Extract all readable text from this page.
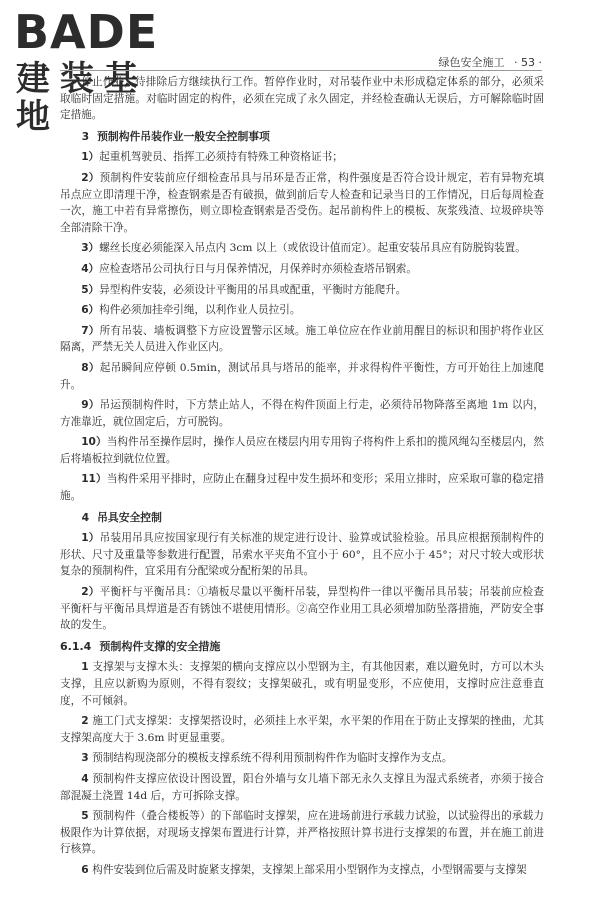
BADE
建装基地
绿色安全施工 · 53 ·

停止作业，待排除后方继续执行工作。暂停作业时，对吊装作业中未形成稳定体系的部分，必须采取临时固定措施。对临时固定的构件，必须在完成了永久固定，并经检查确认无误后，方可解除临时固定措施。

3 预制构件吊装作业一般安全控制事项

1）起重机驾驶员、指挥工必须持有特殊工种资格证书；

2）预制构件安装前应仔细检查吊具与吊环是否正常，构件强度是否符合设计规定，若有异物充填吊点应立即清理干净，检查钢索是否有破损，做到前后专人检查和记录当日的工作情况，日后每周检查一次，施工中若有异常擦伤，则立即检查钢索是否受伤。起吊前构件上的模板、灰浆残渣、垃圾碎块等全部清除干净。

3）螺丝长度必须能深入吊点内 3cm 以上（或依设计值而定）。起重安装吊具应有防脱钩装置。

4）应检查塔吊公司执行日与月保养情况，月保养时亦须检查塔吊钢索。

5）异型构件安装，必须设计平衡用的吊具或配重，平衡时方能爬升。

6）构件必须加挂牵引绳，以利作业人员拉引。

7）所有吊装、墙板调整下方应设置警示区域。施工单位应在作业前用醒目的标识和围护将作业区隔离，严禁无关人员进入作业区内。

8）起吊瞬间应停顿 0.5min，测试吊具与塔吊的能率，并求得构件平衡性，方可开始往上加速爬升。

9）吊运预制构件时，下方禁止站人，不得在构件顶面上行走，必须待吊物降落至离地 1m 以内，方准靠近，就位固定后，方可脱钩。

10）当构件吊至操作层时，操作人员应在楼层内用专用钩子将构件上系扣的揽风绳勾至楼层内，然后将墙板拉到就位位置。

11）当构件采用平排时，应防止在翻身过程中发生损坏和变形；采用立排时，应采取可靠的稳定措施。

4 吊具安全控制

1）吊装用吊具应按国家现行有关标准的规定进行设计、验算或试验检验。吊具应根据预制构件的形状、尺寸及重量等参数进行配置，吊索水平夹角不宜小于 60°，且不应小于 45°；对尺寸较大或形状复杂的预制构件，宜采用有分配梁或分配桁架的吊具。

2）平衡杆与平衡吊具：①墙板尽量以平衡杆吊装，异型构件一律以平衡吊具吊装；吊装前应检查平衡杆与平衡吊具焊道是否有锈蚀不堪使用情形。②高空作业用工具必须增加防坠落措施，严防安全事故的发生。

6.1.4 预制构件支撑的安全措施

1 支撑架与支撑木头：支撑架的横向支撑应以小型钢为主，有其他因素，难以避免时，方可以木头支撑，且应以新购为原则，不得有裂纹；支撑架破孔，或有明显变形，不应使用，支撑时应注意垂直度，不可倾斜。

2 施工门式支撑架：支撑架搭设时，必须挂上水平架，水平架的作用在于防止支撑架的挫曲，尤其支撑架高度大于 3.6m 时更显重要。

3 预制结构现浇部分的模板支撑系统不得利用预制构件作为临时支撑作为支点。

4 预制构件支撑应依设计图设置，阳台外墙与女儿墙下部无永久支撑且为湿式系统者，亦须于接合部混凝土浇置 14d 后，方可拆除支撑。

5 预制构件（叠合楼板等）的下部临时支撑架，应在进场前进行承载力试验，以试验得出的承载力极限作为计算依据，对现场支撑架布置进行计算，并严格按照计算书进行支撑架的布置，并在施工前进行核算。

6 构件安装到位后需及时旋紧支撑架，支撑架上部采用小型钢作为支撑点，小型钢需要与支撑架
